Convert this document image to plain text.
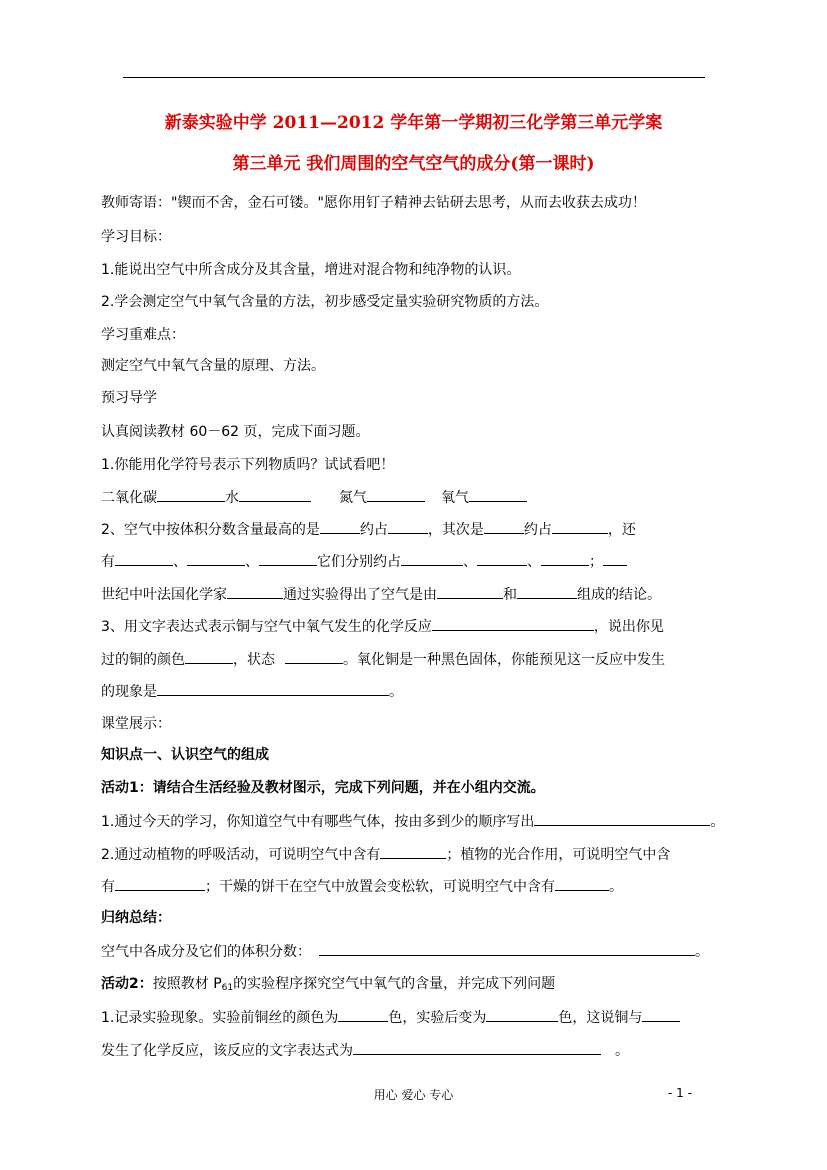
新泰实验中学 2011—2012 学年第一学期初三化学第三单元学案
第三单元 我们周围的空气空气的成分(第一课时)
教师寄语："锲而不舍，金石可镂。"愿你用钉子精神去钻研去思考，从而去收获去成功！
学习目标：
1.能说出空气中所含成分及其含量，增进对混合物和纯净物的认识。
2.学会测定空气中氧气含量的方法，初步感受定量实验研究物质的方法。
学习重难点：
测定空气中氧气含量的原理、方法。
预习导学
认真阅读教材 60－62 页，完成下面习题。
1.你能用化学符号表示下列物质吗？试试看吧！
二氧化碳	水	氮气	氧气
2、空气中按体积分数含量最高的是	约占	，其次是	约占	，还
有	、	、	它们分别约占	、	、	；
世纪中叶法国化学家	通过实验得出了空气是由	和	组成的结论。
3、用文字表达式表示铜与空气中氧气发生的化学反应	，说出你见
过的铜的颜色	，状态	。氧化铜是一种黑色固体，你能预见这一反应中发生
的现象是	。
课堂展示：
知识点一、认识空气的组成
活动1：请结合生活经验及教材图示，完成下列问题，并在小组内交流。
1.通过今天的学习，你知道空气中有哪些气体，按由多到少的顺序写出	。
2.通过动植物的呼吸活动，可说明空气中含有	；植物的光合作用，可说明空气中含
有	；干燥的饼干在空气中放置会变松软，可说明空气中含有	。
归纳总结：
空气中各成分及它们的体积分数：	。
活动2：按照教材 $P_{61}$的实验程序探究空气中氧气的含量，并完成下列问题
1.记录实验现象。实验前铜丝的颜色为	色，实验后变为	色，这说铜与
发生了化学反应，该反应的文字表达式为	。
用心 爱心 专心	- 1 -
